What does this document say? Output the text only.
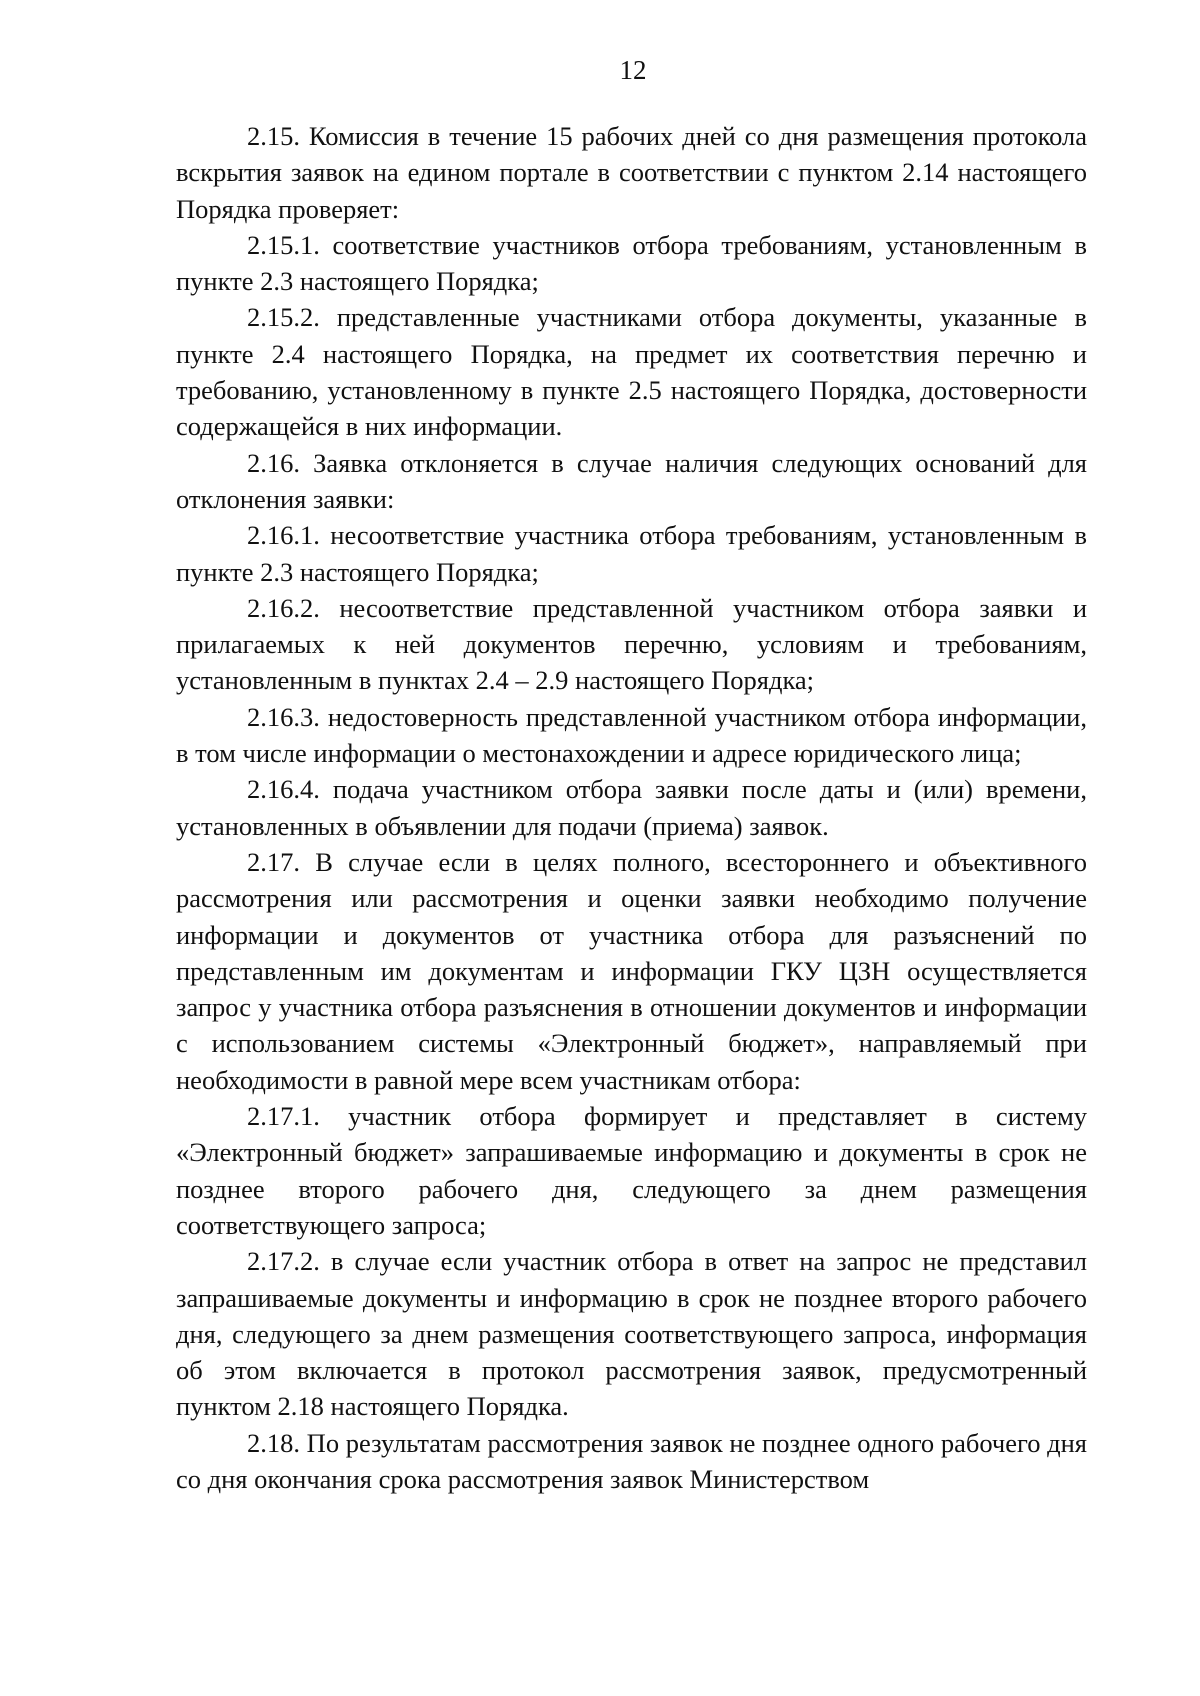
12

2.15. Комиссия в течение 15 рабочих дней со дня размещения протокола вскрытия заявок на едином портале в соответствии с пунктом 2.14 настоящего Порядка проверяет:

2.15.1. соответствие участников отбора требованиям, установленным в пункте 2.3 настоящего Порядка;

2.15.2. представленные участниками отбора документы, указанные в пункте 2.4 настоящего Порядка, на предмет их соответствия перечню и требованию, установленному в пункте 2.5 настоящего Порядка, достоверности содержащейся в них информации.

2.16. Заявка отклоняется в случае наличия следующих оснований для отклонения заявки:

2.16.1. несоответствие участника отбора требованиям, установленным в пункте 2.3 настоящего Порядка;

2.16.2. несоответствие представленной участником отбора заявки и прилагаемых к ней документов перечню, условиям и требованиям, установленным в пунктах 2.4 – 2.9 настоящего Порядка;

2.16.3. недостоверность представленной участником отбора информации, в том числе информации о местонахождении и адресе юридического лица;

2.16.4. подача участником отбора заявки после даты и (или) времени, установленных в объявлении для подачи (приема) заявок.

2.17. В случае если в целях полного, всестороннего и объективного рассмотрения или рассмотрения и оценки заявки необходимо получение информации и документов от участника отбора для разъяснений по представленным им документам и информации ГКУ ЦЗН осуществляется запрос у участника отбора разъяснения в отношении документов и информации с использованием системы «Электронный бюджет», направляемый при необходимости в равной мере всем участникам отбора:

2.17.1. участник отбора формирует и представляет в систему «Электронный бюджет» запрашиваемые информацию и документы в срок не позднее второго рабочего дня, следующего за днем размещения соответствующего запроса;

2.17.2. в случае если участник отбора в ответ на запрос не представил запрашиваемые документы и информацию в срок не позднее второго рабочего дня, следующего за днем размещения соответствующего запроса, информация об этом включается в протокол рассмотрения заявок, предусмотренный пунктом 2.18 настоящего Порядка.

2.18. По результатам рассмотрения заявок не позднее одного рабочего дня со дня окончания срока рассмотрения заявок Министерством
